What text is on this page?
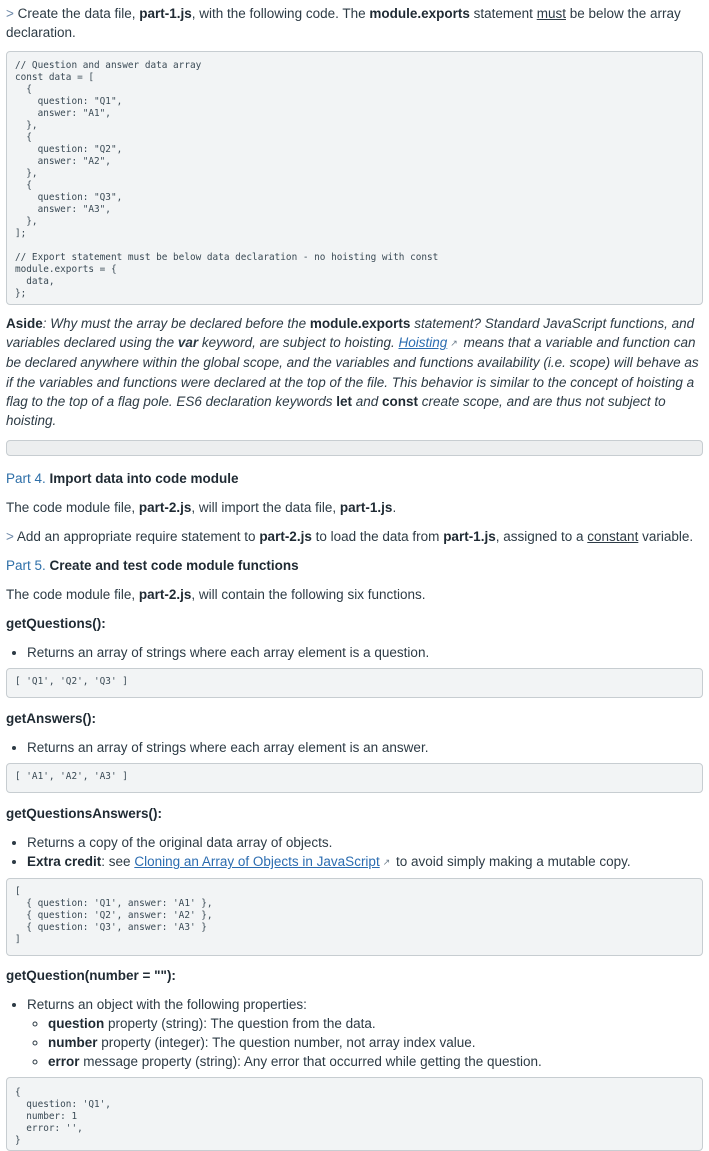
> Create the data file, part-1.js, with the following code. The module.exports statement must be below the array declaration.

// Question and answer data array
const data = [
{
question: "Q1",
answer: "A1",
},
{
question: "Q2",
answer: "A2",
},
{
question: "Q3",
answer: "A3",
},
];

// Export statement must be below data declaration - no hoisting with const
module.exports = {
data,
};

Aside: Why must the array be declared before the module.exports statement? Standard JavaScript functions, and variables declared using the var keyword, are subject to hoisting. Hoisting ↗ means that a variable and function can be declared anywhere within the global scope, and the variables and functions availability (i.e. scope) will behave as if the variables and functions were declared at the top of the file. This behavior is similar to the concept of hoisting a flag to the top of a flag pole. ES6 declaration keywords let and const create scope, and are thus not subject to hoisting.

Part 4. Import data into code module

The code module file, part-2.js, will import the data file, part-1.js.

> Add an appropriate require statement to part-2.js to load the data from part-1.js, assigned to a constant variable.

Part 5. Create and test code module functions

The code module file, part-2.js, will contain the following six functions.

getQuestions():

• Returns an array of strings where each array element is a question.
[ 'Q1', 'Q2', 'Q3' ]

getAnswers():

• Returns an array of strings where each array element is an answer.
[ 'A1', 'A2', 'A3' ]

getQuestionsAnswers():

• Returns a copy of the original data array of objects.
• Extra credit: see Cloning an Array of Objects in JavaScript ↗ to avoid simply making a mutable copy.
[
{ question: 'Q1', answer: 'A1' },
{ question: 'Q2', answer: 'A2' },
{ question: 'Q3', answer: 'A3' }
]

getQuestion(number = ""):

• Returns an object with the following properties:
◦ question property (string): The question from the data.
◦ number property (integer): The question number, not array index value.
◦ error message property (string): Any error that occurred while getting the question.
{
question: 'Q1',
number: 1
error: '',
}
